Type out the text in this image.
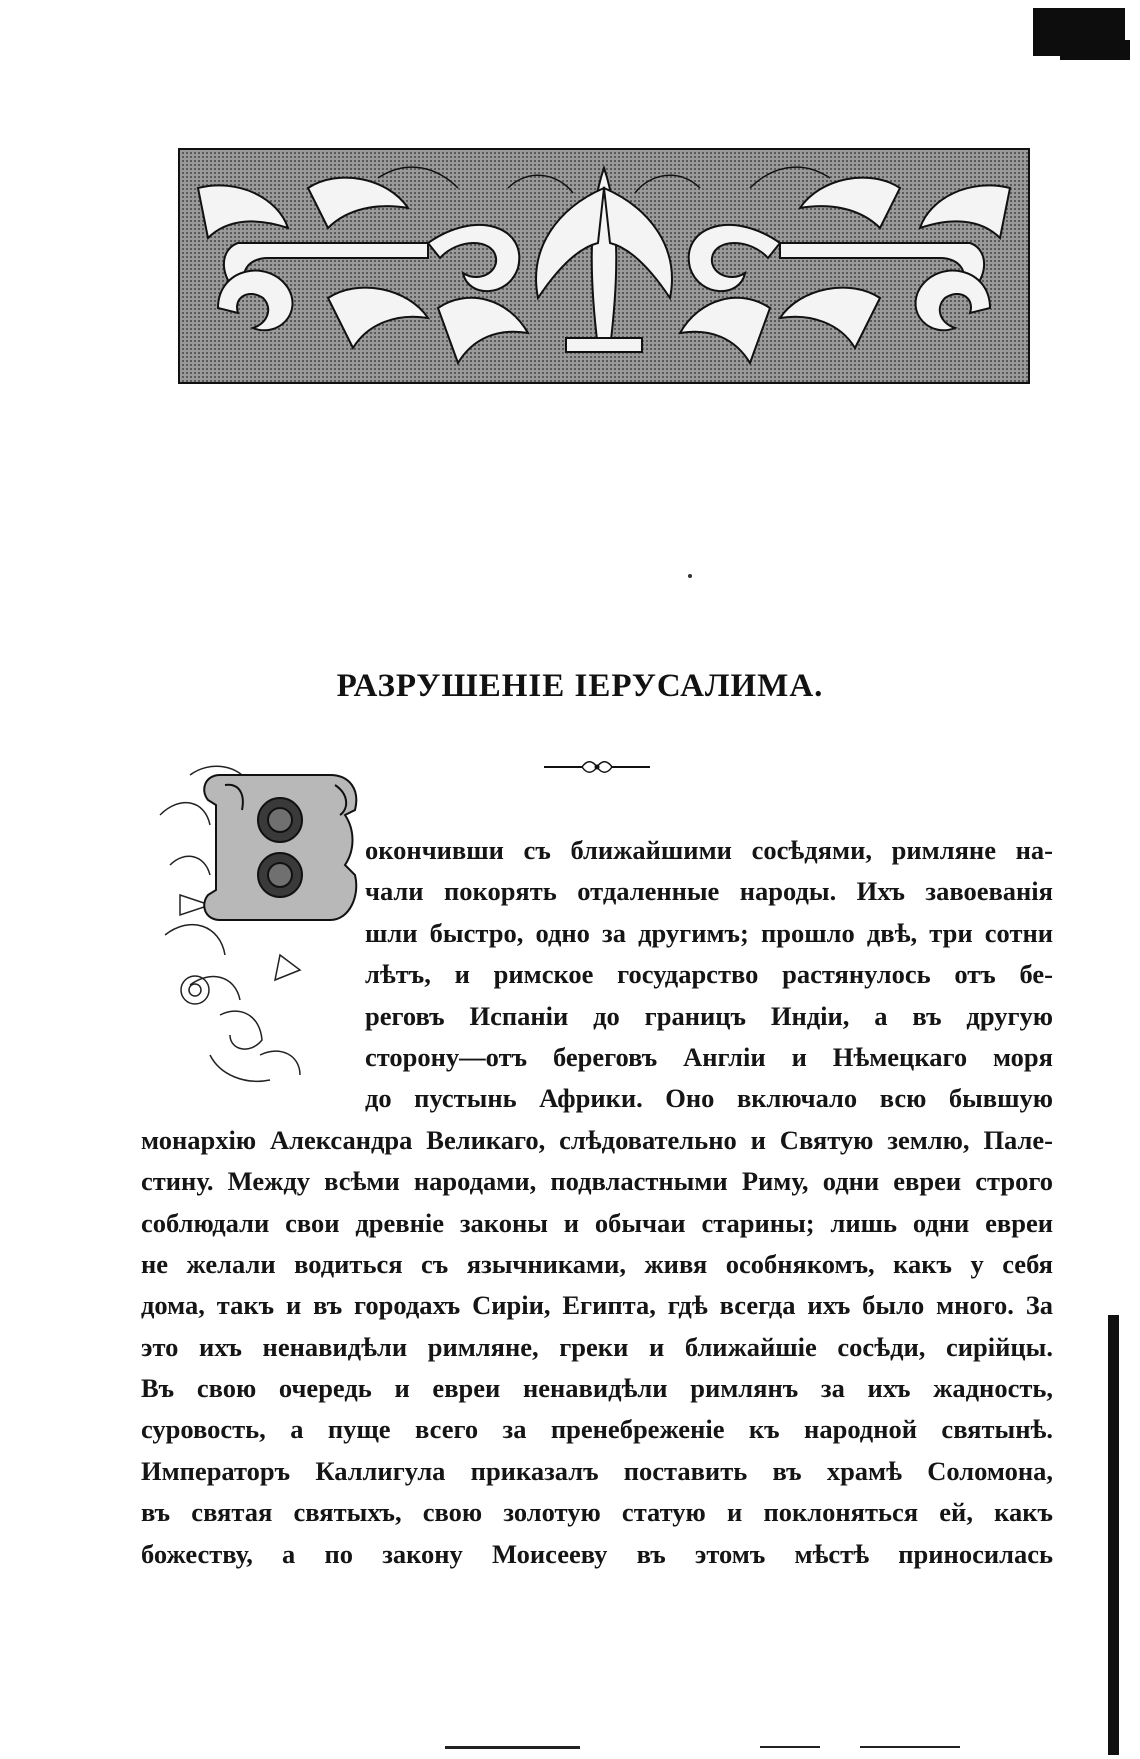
РАЗРУШЕНІЕ ІЕРУСАЛИМА.
окончивши съ ближайшими сосѣдями, римляне на-
чали покорять отдаленные народы. Ихъ завоеванія
шли быстро, одно за другимъ; прошло двѣ, три сотни
лѣтъ, и римское государство растянулось отъ бе-
реговъ Испаніи до границъ Индіи, а въ другую
сторону—отъ береговъ Англіи и Нѣмецкаго моря
до пустынь Африки. Оно включало всю бывшую
монархію Александра Великаго, слѣдовательно и Святую землю, Пале-
стину. Между всѣми народами, подвластными Риму, одни евреи строго
соблюдали свои древніе законы и обычаи старины; лишь одни евреи
не желали водиться съ язычниками, живя особнякомъ, какъ у себя
дома, такъ и въ городахъ Сиріи, Египта, гдѣ всегда ихъ было много. За
это ихъ ненавидѣли римляне, греки и ближайшіе сосѣди, сирійцы.
Въ свою очередь и евреи ненавидѣли римлянъ за ихъ жадность,
суровость, а пуще всего за пренебреженіе къ народной святынѣ.
Императоръ Каллигула приказалъ поставить въ храмѣ Соломона,
въ святая святыхъ, свою золотую статую и поклоняться ей, какъ
божеству, а по закону Моисееву въ этомъ мѣстѣ приносилась
